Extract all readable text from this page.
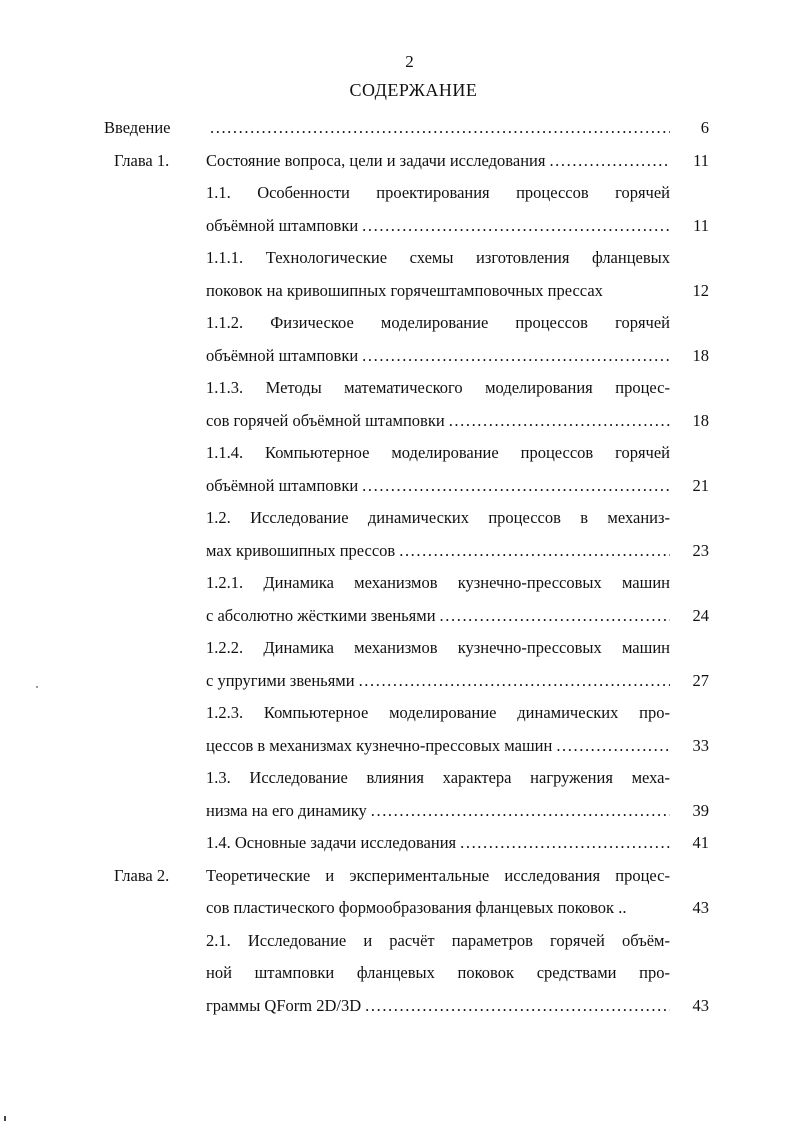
2
СОДЕРЖАНИЕ
Введение .....	6
Глава 1. Состояние вопроса, цели и задачи исследования .....	11
1.1. Особенности проектирования процессов горячей
объёмной штамповки .....	11
1.1.1. Технологические схемы изготовления фланцевых
поковок на кривошипных горячештамповочных прессах	12
1.1.2. Физическое моделирование процессов горячей
объёмной штамповки .....	18
1.1.3. Методы математического моделирования процес-
сов горячей объёмной штамповки .....	18
1.1.4. Компьютерное моделирование процессов горячей
объёмной штамповки .....	21
1.2. Исследование динамических процессов в механиз-
мах кривошипных прессов .....	23
1.2.1. Динамика механизмов кузнечно-прессовых машин
с абсолютно жёсткими звеньями .....	24
1.2.2. Динамика механизмов кузнечно-прессовых машин
с упругими звеньями .....	27
1.2.3. Компьютерное моделирование динамических про-
цессов в механизмах кузнечно-прессовых машин .....	33
1.3. Исследование влияния характера нагружения меха-
низма на его динамику .....	39
1.4. Основные задачи исследования .....	41
Глава 2. Теоретические и экспериментальные исследования процес-
сов пластического формообразования фланцевых поковок ..	43
2.1. Исследование и расчёт параметров горячей объём-
ной штамповки фланцевых поковок средствами про-
граммы QForm 2D/3D .....	43
